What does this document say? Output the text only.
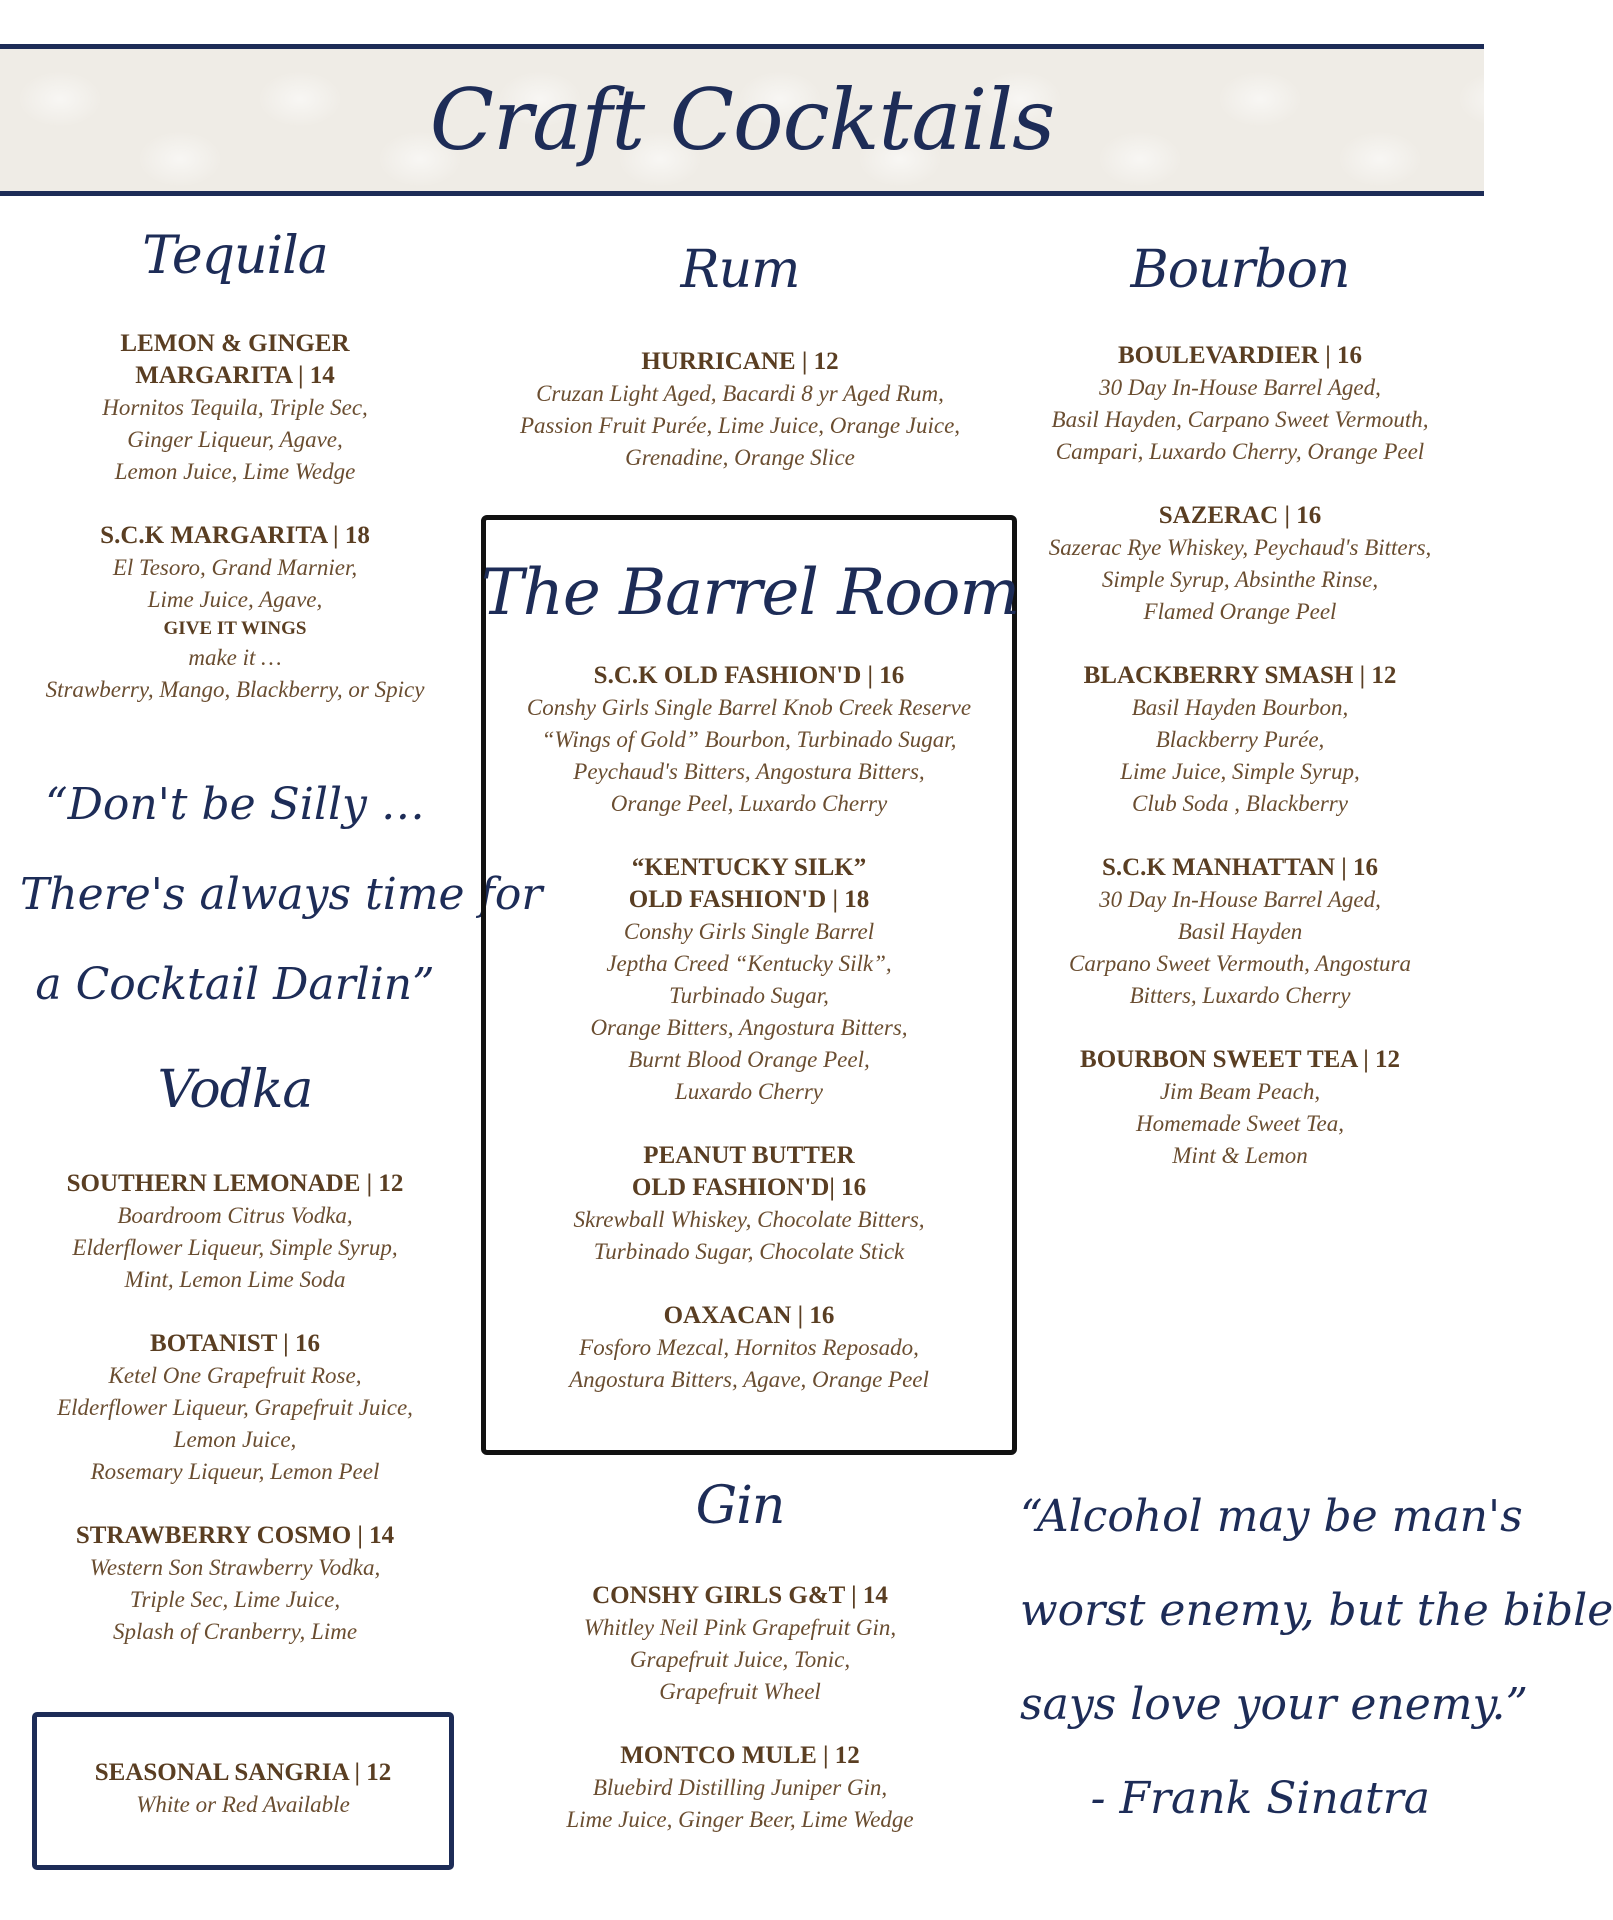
Craft Cocktails
Tequila
LEMON & GINGER
MARGARITA | 14
Hornitos Tequila, Triple Sec,
Ginger Liqueur, Agave,
Lemon Juice, Lime Wedge
S.C.K MARGARITA | 18
El Tesoro, Grand Marnier,
Lime Juice, Agave,
GIVE IT WINGS
make it …
Strawberry, Mango, Blackberry, or Spicy
“Don't be Silly …
There's always time for
a Cocktail Darlin”
Vodka
SOUTHERN LEMONADE | 12
Boardroom Citrus Vodka,
Elderflower Liqueur, Simple Syrup,
Mint, Lemon Lime Soda
BOTANIST | 16
Ketel One Grapefruit Rose,
Elderflower Liqueur, Grapefruit Juice,
Lemon Juice,
Rosemary Liqueur, Lemon Peel
STRAWBERRY COSMO | 14
Western Son Strawberry Vodka,
Triple Sec, Lime Juice,
Splash of Cranberry, Lime
SEASONAL SANGRIA | 12
White or Red Available
Rum
HURRICANE | 12
Cruzan Light Aged, Bacardi 8 yr Aged Rum,
Passion Fruit Purée, Lime Juice, Orange Juice,
Grenadine, Orange Slice
The Barrel Room
S.C.K OLD FASHION'D | 16
Conshy Girls Single Barrel Knob Creek Reserve
“Wings of Gold” Bourbon, Turbinado Sugar,
Peychaud's Bitters, Angostura Bitters,
Orange Peel, Luxardo Cherry
“KENTUCKY SILK”
OLD FASHION'D | 18
Conshy Girls Single Barrel
Jeptha Creed “Kentucky Silk”,
Turbinado Sugar,
Orange Bitters, Angostura Bitters,
Burnt Blood Orange Peel,
Luxardo Cherry
PEANUT BUTTER
OLD FASHION'D| 16
Skrewball Whiskey, Chocolate Bitters,
Turbinado Sugar, Chocolate Stick
OAXACAN | 16
Fosforo Mezcal, Hornitos Reposado,
Angostura Bitters, Agave, Orange Peel
Gin
CONSHY GIRLS G&T | 14
Whitley Neil Pink Grapefruit Gin,
Grapefruit Juice, Tonic,
Grapefruit Wheel
MONTCO MULE | 12
Bluebird Distilling Juniper Gin,
Lime Juice, Ginger Beer, Lime Wedge
Bourbon
BOULEVARDIER | 16
30 Day In-House Barrel Aged,
Basil Hayden, Carpano Sweet Vermouth,
Campari, Luxardo Cherry, Orange Peel
SAZERAC | 16
Sazerac Rye Whiskey, Peychaud's Bitters,
Simple Syrup, Absinthe Rinse,
Flamed Orange Peel
BLACKBERRY SMASH | 12
Basil Hayden Bourbon,
Blackberry Purée,
Lime Juice, Simple Syrup,
Club Soda , Blackberry
S.C.K MANHATTAN | 16
30 Day In-House Barrel Aged,
Basil Hayden
Carpano Sweet Vermouth, Angostura
Bitters, Luxardo Cherry
BOURBON SWEET TEA | 12
Jim Beam Peach,
Homemade Sweet Tea,
Mint & Lemon
“Alcohol may be man's
worst enemy, but the bible
says love your enemy.”
- Frank Sinatra
